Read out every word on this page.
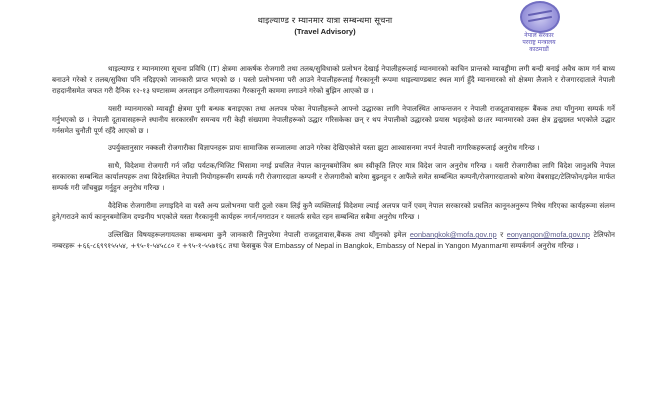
थाइल्याण्ड र म्यानमार यात्रा सम्बन्धमा सूचना
(Travel Advisory)	नेपाल सरकार
परराष्ट्र मन्त्रालय
काठमाडौं

थाइल्याण्ड र म्यानमारमा सूचना प्रविधि (IT) क्षेत्रमा आकर्षक रोजगारी तथा तलब/सुविधाको प्रलोभन देखाई नेपालीहरूलाई म्यानमारको काचिन प्रान्तको म्यावड्डीमा लगी बन्दी बनाई अवैध काम गर्न बाध्य बनाउने गरेको र तलब/सुविधा पनि नदिइएको जानकारी प्राप्त भएको छ । यस्तो प्रलोभनमा परी आउने नेपालीहरूलाई गैरकानूनी रूपमा थाइल्याण्डबाट स्थल मार्ग हुँदै म्यानमारको सो क्षेत्रमा लैजाने र रोजगारदाताले नेपाली राहदानीसमेत जफत गरी दैनिक १२-१३ घण्टासम्म अनलाइन ठगीलगायतका गैरकानूनी काममा लगाउने गरेको बुझिन आएको छ ।

यसरी म्यानमारको म्यावड्डी क्षेत्रमा पुगी बन्धक बनाइएका तथा अलपत्र परेका नेपालीहरूले आफ्नो उद्धारका लागि नेपालस्थित आफन्तजन र नेपाली राजदूतावासहरू बैंकक तथा याँगुनमा सम्पर्क गर्ने गर्नुभएको छ । नेपाली दूतावासहरूले स्थानीय सरकारसँग समन्वय गरी केही संख्यामा नेपालीहरूको उद्धार गरिसकेका छन् र थप नेपालीको उद्धारको प्रयास भइरहेको छ।तर म्यानमारको उक्त क्षेत्र द्वन्द्वग्रस्त भएकोले उद्धार गर्नसमेत चुनौती पूर्ण रहँदै आएको छ ।

उपर्युक्तानुसार नक्कली रोजगारीका विज्ञापनहरू प्रायः सामाजिक सञ्जालमा आउने गरेका देखिएकोले यस्ता झुटा आश्वासनमा नपर्न नेपाली नागरिकहरूलाई अनुरोध गरिन्छ ।

साथै, विदेशमा रोजगारी गर्न जाँदा पर्यटक/भिजिट भिसामा नगई प्रचलित नेपाल कानूनबमोजिम श्रम स्वीकृति लिएर मात्र विदेश जान अनुरोध गरिन्छ । यसरी रोजगारीका लागि विदेश जानुअघि नेपाल सरकारका सम्बन्धित कार्यालयहरू तथा विदेशस्थित नेपाली नियोगहरूसँग सम्पर्क गरी रोजगारदाता कम्पनी र रोजगारीको बारेमा बुझ्नहुन र आफैंले समेत सम्बन्धित कम्पनी/रोजगारदाताको बारेमा वेबसाइट/टेलिफोन/इमेल मार्फत सम्पर्क गरी जाँचबुझ गर्नुहुन अनुरोध गरिन्छ ।

वैदेशिक रोजगारीमा लगाइदिने वा यस्तै अन्य प्रलोभनमा पारी ठूलो रकम लिई कुनै व्यक्तिलाई विदेशमा ल्याई अलपत्र पार्ने एवम् नेपाल सरकारको प्रचलित कानूनअनुरूप निषेध गरिएका कार्यहरूमा संलग्न हुने/गराउने कार्य कानूनबमोजिम दण्डनीय भएकोले यस्ता गैरकानूनी कार्यहरू नगर्न/नगराउन र यसतर्फ सचेत रहन सम्बन्धित सबैमा अनुरोध गरिन्छ ।

उल्लिखित विषयहरूलगायतका सम्बन्धमा कुनै जानकारी लिनुपरेमा नेपाली राजदूतावास,बैंकक तथा याँगुनको इमेल eonbangkok@mofa.gov.np र eonyangon@mofa.gov.np टेलिफोन नम्बरहरू +६६-८६९९१५५५४, +९५-१-५४५८८० र +९५-१-५५७१६८ तथा फेसबुक पेज Embassy of Nepal in Bangkok, Embassy of Nepal in Yangon Myanmarमा सम्पर्कगर्न अनुरोध गरिन्छ ।
